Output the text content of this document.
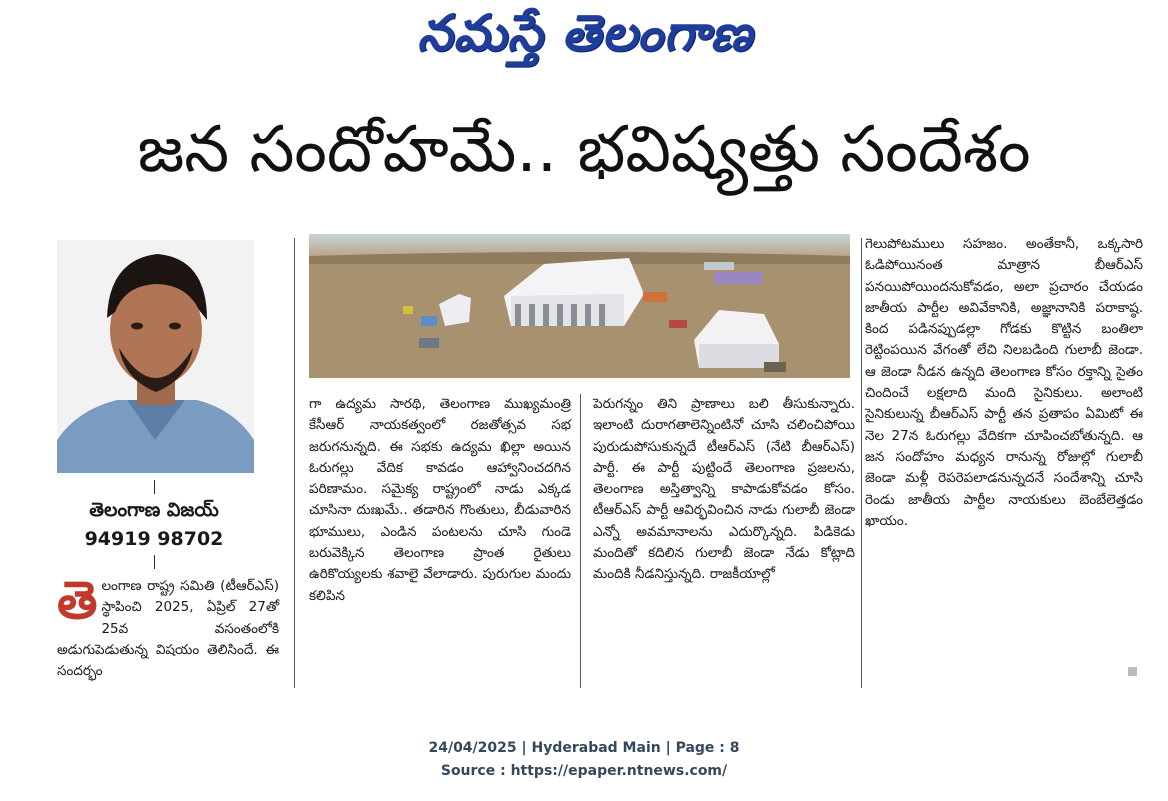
నమస్తే తెలంగాణ
జన సందోహమే.. భవిష్యత్తు సందేశం
తెలంగాణ విజయ్
94919 98702
తె లంగాణ రాష్ట్ర సమితి (టీఆర్ఎస్) స్థాపించి 2025, ఏప్రిల్ 27తో 25వ వసంతంలోకి అడుగుపెడుతున్న విషయం తెలిసిందే. ఈ సందర్భం

గా ఉద్యమ సారథి, తెలంగాణ ముఖ్యమంత్రి కేసీఆర్ నాయకత్వంలో రజతోత్సవ సభ జరుగనున్నది. ఈ సభకు ఉద్యమ ఖిల్లా అయిన ఓరుగల్లు వేదిక కావడం ఆహ్వానించదగిన పరిణామం. సమైక్య రాష్ట్రంలో నాడు ఎక్కడ చూసినా దుఃఖమే.. తడారిన గొంతులు, బీడువారిన భూములు, ఎండిన పంటలను చూసి గుండె బరువెక్కిన తెలంగాణ ప్రాంత రైతులు ఉరికొయ్యలకు శవాలై వేలాడారు. పురుగుల మందు కలిపిన

పెరుగన్నం తిని ప్రాణాలు బలి తీసుకున్నారు. ఇలాంటి దురాగతాలెన్నింటినో చూసి చలించిపోయి పురుడుపోసుకున్నదే టీఆర్ఎస్ (నేటి బీఆర్ఎస్) పార్టీ. ఈ పార్టీ పుట్టిందే తెలంగాణ ప్రజలను, తెలంగాణ అస్తిత్వాన్ని కాపాడుకోవడం కోసం. టీఆర్ఎస్ పార్టీ ఆవిర్భవించిన నాడు గులాబీ జెండా ఎన్నో అవమానాలను ఎదుర్కొన్నది. పిడికెడు మందితో కదిలిన గులాబీ జెండా నేడు కోట్లాది మందికి నీడనిస్తున్నది. రాజకీయాల్లో

గెలుపోటములు సహజం. అంతేకానీ, ఒక్కసారి ఓడిపోయినంత మాత్రాన బీఆర్ఎస్ పనయిపోయిందనుకోవడం, అలా ప్రచారం చేయడం జాతీయ పార్టీల అవివేకానికి, అజ్ఞానానికి పరాకాష్ఠ. కింద పడినప్పుడల్లా గోడకు కొట్టిన బంతిలా రెట్టింపయిన వేగంతో లేచి నిలబడింది గులాబీ జెండా. ఆ జెండా నీడన ఉన్నది తెలంగాణ కోసం రక్తాన్ని సైతం చిందించే లక్షలాది మంది సైనికులు. అలాంటి సైనికులున్న బీఆర్ఎస్ పార్టీ తన ప్రతాపం ఏమిటో ఈ నెల 27న ఓరుగల్లు వేదికగా చూపించబోతున్నది. ఆ జన సందోహం మధ్యన రానున్న రోజుల్లో గులాబీ జెండా మళ్లీ రెపరెపలాడనున్నదనే సందేశాన్ని చూసి రెండు జాతీయ పార్టీల నాయకులు బెంబేలెత్తడం ఖాయం.

24/04/2025 | Hyderabad Main | Page : 8
Source : https://epaper.ntnews.com/
